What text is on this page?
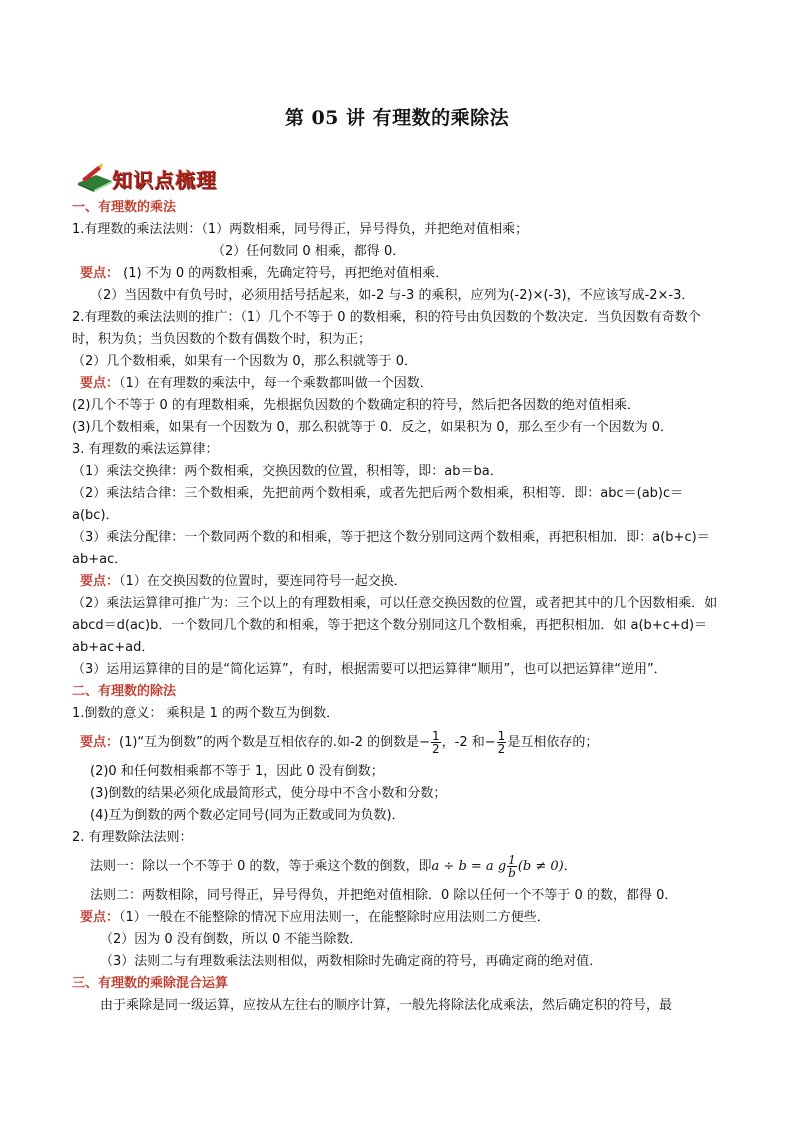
第 05 讲 有理数的乘除法
知识点梳理
一、有理数的乘法
1.有理数的乘法法则：（1）两数相乘，同号得正，异号得负，并把绝对值相乘；
（2）任何数同 0 相乘，都得 0．
要点： (1) 不为 0 的两数相乘，先确定符号，再把绝对值相乘．
（2）当因数中有负号时，必须用括号括起来，如-2 与-3 的乘积，应列为(-2)×(-3)，不应该写成-2×-3．
2.有理数的乘法法则的推广：（1）几个不等于 0 的数相乘，积的符号由负因数的个数决定．当负因数有奇数个时，积为负；当负因数的个数有偶数个时，积为正；
（2）几个数相乘，如果有一个因数为 0，那么积就等于 0．
要点：（1）在有理数的乘法中，每一个乘数都叫做一个因数．
(2)几个不等于 0 的有理数相乘，先根据负因数的个数确定积的符号，然后把各因数的绝对值相乘．
(3)几个数相乘，如果有一个因数为 0，那么积就等于 0．反之，如果积为 0，那么至少有一个因数为 0．
3. 有理数的乘法运算律：
（1）乘法交换律：两个数相乘，交换因数的位置，积相等，即：ab＝ba．
（2）乘法结合律：三个数相乘，先把前两个数相乘，或者先把后两个数相乘，积相等．即：abc＝(ab)c＝a(bc)．
（3）乘法分配律：一个数同两个数的和相乘，等于把这个数分别同这两个数相乘，再把积相加．即：a(b+c)＝ab+ac．
要点：（1）在交换因数的位置时，要连同符号一起交换．
（2）乘法运算律可推广为：三个以上的有理数相乘，可以任意交换因数的位置，或者把其中的几个因数相乘．如 abcd＝d(ac)b．一个数同几个数的和相乘，等于把这个数分别同这几个数相乘，再把积相加．如 a(b+c+d)＝ab+ac+ad．
（3）运用运算律的目的是“简化运算”，有时，根据需要可以把运算律“顺用”，也可以把运算律“逆用”．
二、有理数的除法
1.倒数的意义： 乘积是 1 的两个数互为倒数．
要点：(1)“互为倒数”的两个数是互相依存的.如-2 的倒数是− $\frac{1}{2}$ ，-2 和− $\frac{1}{2}$ 是互相依存的；
(2)0 和任何数相乘都不等于 1，因此 0 没有倒数；
(3)倒数的结果必须化成最简形式，使分母中不含小数和分数；
(4)互为倒数的两个数必定同号(同为正数或同为负数)．
2. 有理数除法法则：
法则一：除以一个不等于 0 的数，等于乘这个数的倒数，即a ÷ b = a g $\frac{1}{b} (b \ne 0)$．
法则二：两数相除，同号得正，异号得负，并把绝对值相除．0 除以任何一个不等于 0 的数，都得 0．
要点：（1）一般在不能整除的情况下应用法则一，在能整除时应用法则二方便些．
（2）因为 0 没有倒数，所以 0 不能当除数．
（3）法则二与有理数乘法法则相似，两数相除时先确定商的符号，再确定商的绝对值．
三、有理数的乘除混合运算
由于乘除是同一级运算，应按从左往右的顺序计算，一般先将除法化成乘法，然后确定积的符号，最
